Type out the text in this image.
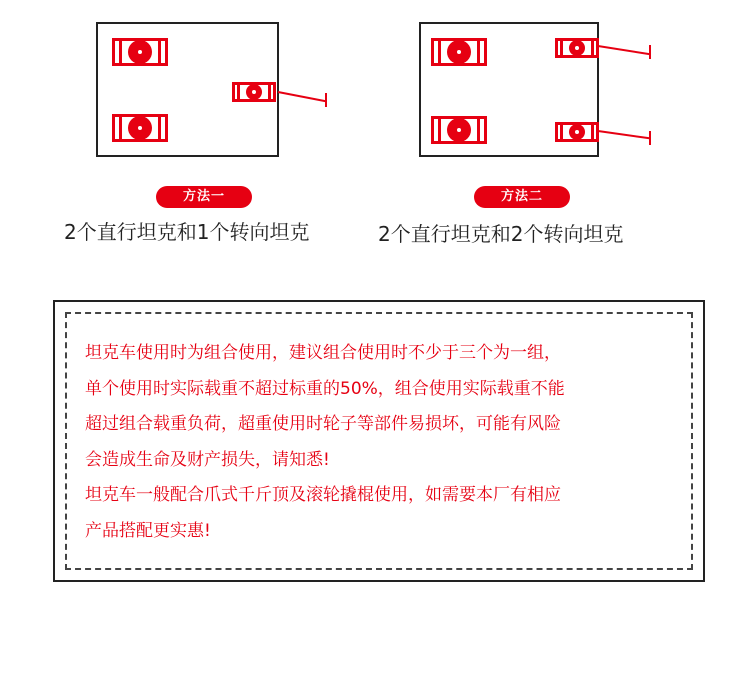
方法一
2个直行坦克和1个转向坦克
方法二
2个直行坦克和2个转向坦克
坦克车使用时为组合使用，建议组合使用时不少于三个为一组，
单个使用时实际载重不超过标重的50%，组合使用实际载重不能
超过组合载重负荷，超重使用时轮子等部件易损坏，可能有风险
会造成生命及财产损失，请知悉!
坦克车一般配合爪式千斤顶及滚轮撬棍使用，如需要本厂有相应
产品搭配更实惠!
